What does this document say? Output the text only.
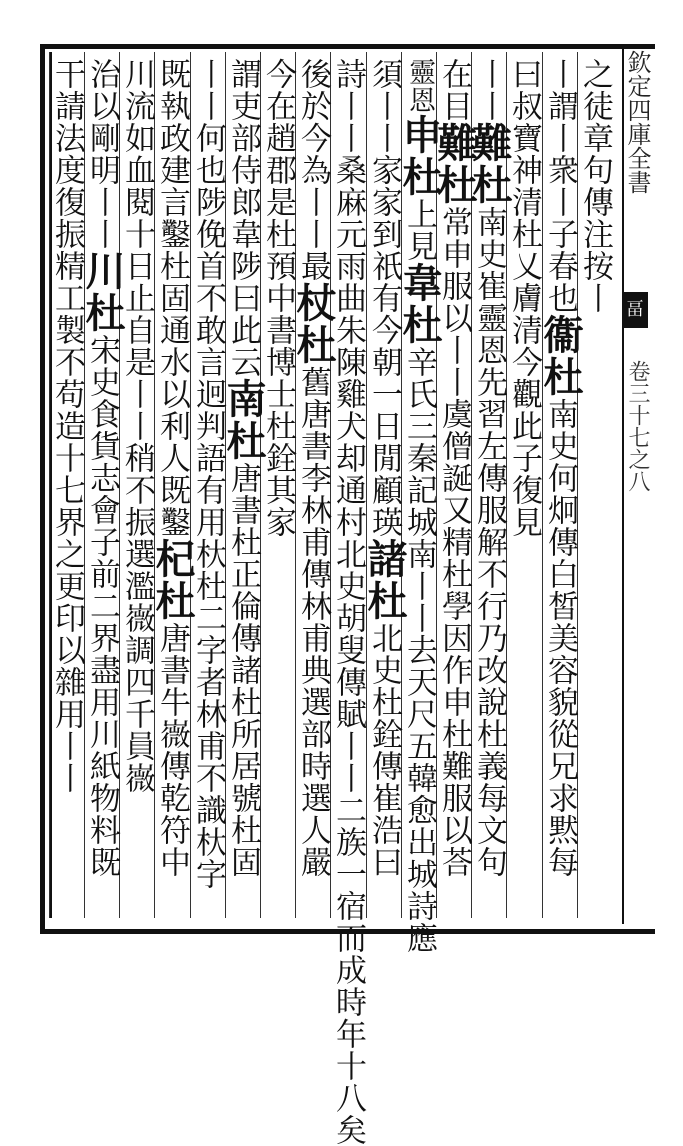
之徒章句傳注按丨
丨謂丨衆丨子春也衞杜南史何炯傳白皙美容貌從兄求黙每
曰叔寶神清杜乂膚清今觀此子復見
丨丨難杜南史崔靈恩先習左傳服解不行乃改說杜義每文句
在目難杜常申服以丨丨虞僧誕又精杜學因作申杜難服以荅
靈恩申杜上見韋杜辛氏三秦記城南丨丨去天尺五韓愈出城詩應
須丨丨家家到祇有今朝一日閒顧瑛諸杜北史杜銓傳崔浩曰
詩丨丨桑麻元雨曲朱陳雞犬却通村北史胡叟傳賦丨丨二族一宿而成時年十八矣
後於今為丨丨最杖杜舊唐書李林甫傳林甫典選部時選人嚴
今在趙郡是杜預中書博士杜銓其家
謂吏部侍郎韋陟曰此云南杜唐書杜正倫傳諸杜所居號杜固
丨丨何也陟俛首不敢言迥判語有用杕杜二字者林甫不識杕字
既執政建言鑿杜固通水以利人既鑿杞杜唐書牛嶶傳乾符中
川流如血閱十日止自是丨丨稍不振選濫嶶調四千員嶶
治以剛明丨丨川杜宋史食貨志會子前二界盡用川紙物料既
干請法度復振精工製不苟造十七界之更印以雜用丨丨
欽定四庫全書
畐
卷三十七之八
